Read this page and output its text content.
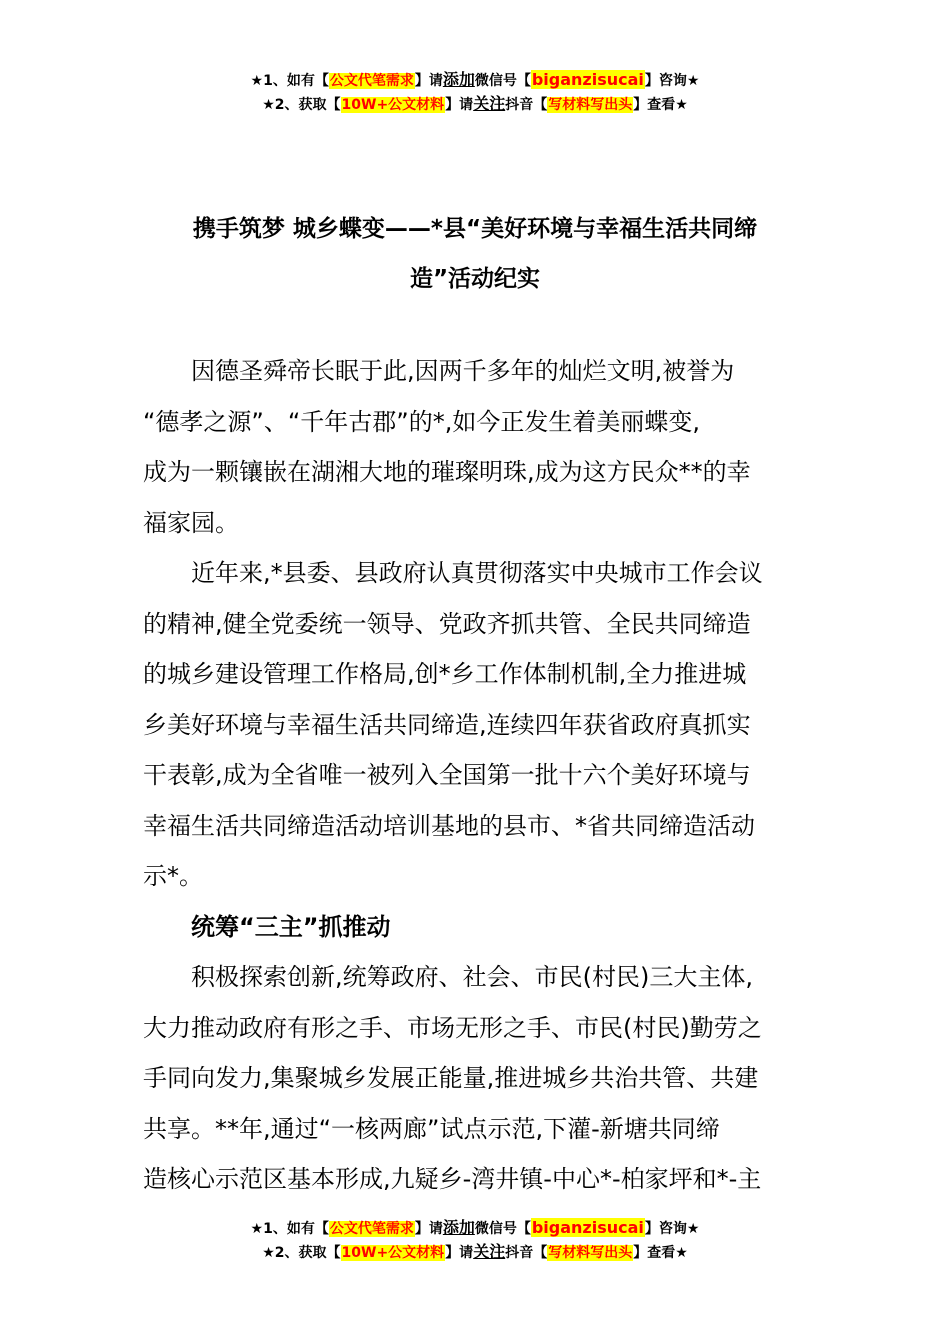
★1、如有【公文代笔需求】请添加微信号【biganzisucai】咨询★
★2、获取【10W+公文材料】请关注抖音【写材料写出头】查看★
携手筑梦 城乡蝶变——*县“美好环境与幸福生活共同缔
造”活动纪实
因德圣舜帝长眠于此,因两千多年的灿烂文明,被誉为
“德孝之源”、“千年古郡”的*,如今正发生着美丽蝶变,
成为一颗镶嵌在湖湘大地的璀璨明珠,成为这方民众**的幸
福家园。
近年来,*县委、县政府认真贯彻落实中央城市工作会议
的精神,健全党委统一领导、党政齐抓共管、全民共同缔造
的城乡建设管理工作格局,创*乡工作体制机制,全力推进城
乡美好环境与幸福生活共同缔造,连续四年获省政府真抓实
干表彰,成为全省唯一被列入全国第一批十六个美好环境与
幸福生活共同缔造活动培训基地的县市、*省共同缔造活动
示*。
统筹“三主”抓推动
积极探索创新,统筹政府、社会、市民(村民)三大主体,
大力推动政府有形之手、市场无形之手、市民(村民)勤劳之
手同向发力,集聚城乡发展正能量,推进城乡共治共管、共建
共享。**年,通过“一核两廊”试点示范,下灌-新塘共同缔
造核心示范区基本形成,九疑乡-湾井镇-中心*-柏家坪和*-主
★1、如有【公文代笔需求】请添加微信号【biganzisucai】咨询★
★2、获取【10W+公文材料】请关注抖音【写材料写出头】查看★
